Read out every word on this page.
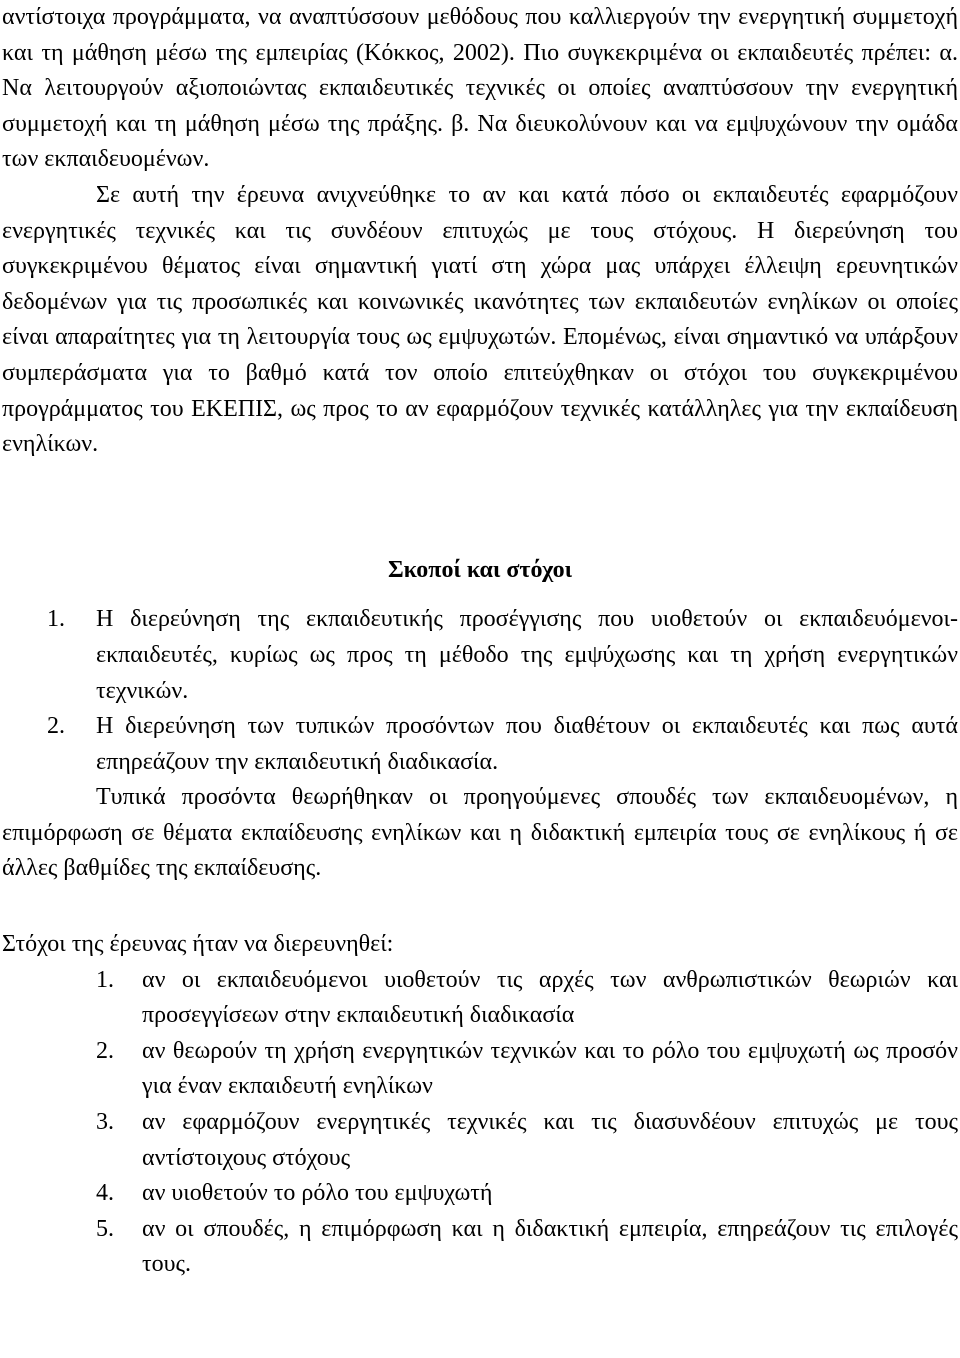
αντίστοιχα προγράμματα, να αναπτύσσουν μεθόδους που καλλιεργούν την ενεργητική συμμετοχή και τη μάθηση μέσω της εμπειρίας (Κόκκος, 2002). Πιο συγκεκριμένα οι εκπαιδευτές πρέπει: α. Να λειτουργούν αξιοποιώντας εκπαιδευτικές τεχνικές οι οποίες αναπτύσσουν την ενεργητική συμμετοχή και τη μάθηση μέσω της πράξης. β. Να διευκολύνουν και να εμψυχώνουν την ομάδα των εκπαιδευομένων.

Σε αυτή την έρευνα ανιχνεύθηκε το αν και κατά πόσο οι εκπαιδευτές εφαρμόζουν ενεργητικές τεχνικές και τις συνδέουν επιτυχώς με τους στόχους. Η διερεύνηση του συγκεκριμένου θέματος είναι σημαντική γιατί στη χώρα μας υπάρχει έλλειψη ερευνητικών δεδομένων για τις προσωπικές και κοινωνικές ικανότητες των εκπαιδευτών ενηλίκων οι οποίες είναι απαραίτητες για τη λειτουργία τους ως εμψυχωτών. Επομένως, είναι σημαντικό να υπάρξουν συμπεράσματα για το βαθμό κατά τον οποίο επιτεύχθηκαν οι στόχοι του συγκεκριμένου προγράμματος του ΕΚΕΠΙΣ, ως προς το αν εφαρμόζουν τεχνικές κατάλληλες για την εκπαίδευση ενηλίκων.

Σκοποί και στόχοι

1. Η διερεύνηση της εκπαιδευτικής προσέγγισης που υιοθετούν οι εκπαιδευόμενοι-εκπαιδευτές, κυρίως ως προς τη μέθοδο της εμψύχωσης και τη χρήση ενεργητικών τεχνικών.
2. Η διερεύνηση των τυπικών προσόντων που διαθέτουν οι εκπαιδευτές και πως αυτά επηρεάζουν την εκπαιδευτική διαδικασία.

Τυπικά προσόντα θεωρήθηκαν οι προηγούμενες σπουδές των εκπαιδευομένων, η επιμόρφωση σε θέματα εκπαίδευσης ενηλίκων και η διδακτική εμπειρία τους σε ενηλίκους ή σε άλλες βαθμίδες της εκπαίδευσης.

Στόχοι της έρευνας ήταν να διερευνηθεί:

1. αν οι εκπαιδευόμενοι υιοθετούν τις αρχές των ανθρωπιστικών θεωριών και προσεγγίσεων στην εκπαιδευτική διαδικασία
2. αν θεωρούν τη χρήση ενεργητικών τεχνικών και το ρόλο του εμψυχωτή ως προσόν για έναν εκπαιδευτή ενηλίκων
3. αν εφαρμόζουν ενεργητικές τεχνικές και τις διασυνδέουν επιτυχώς με τους αντίστοιχους στόχους
4. αν υιοθετούν το ρόλο του εμψυχωτή
5. αν οι σπουδές, η επιμόρφωση και η διδακτική εμπειρία, επηρεάζουν τις επιλογές τους.
